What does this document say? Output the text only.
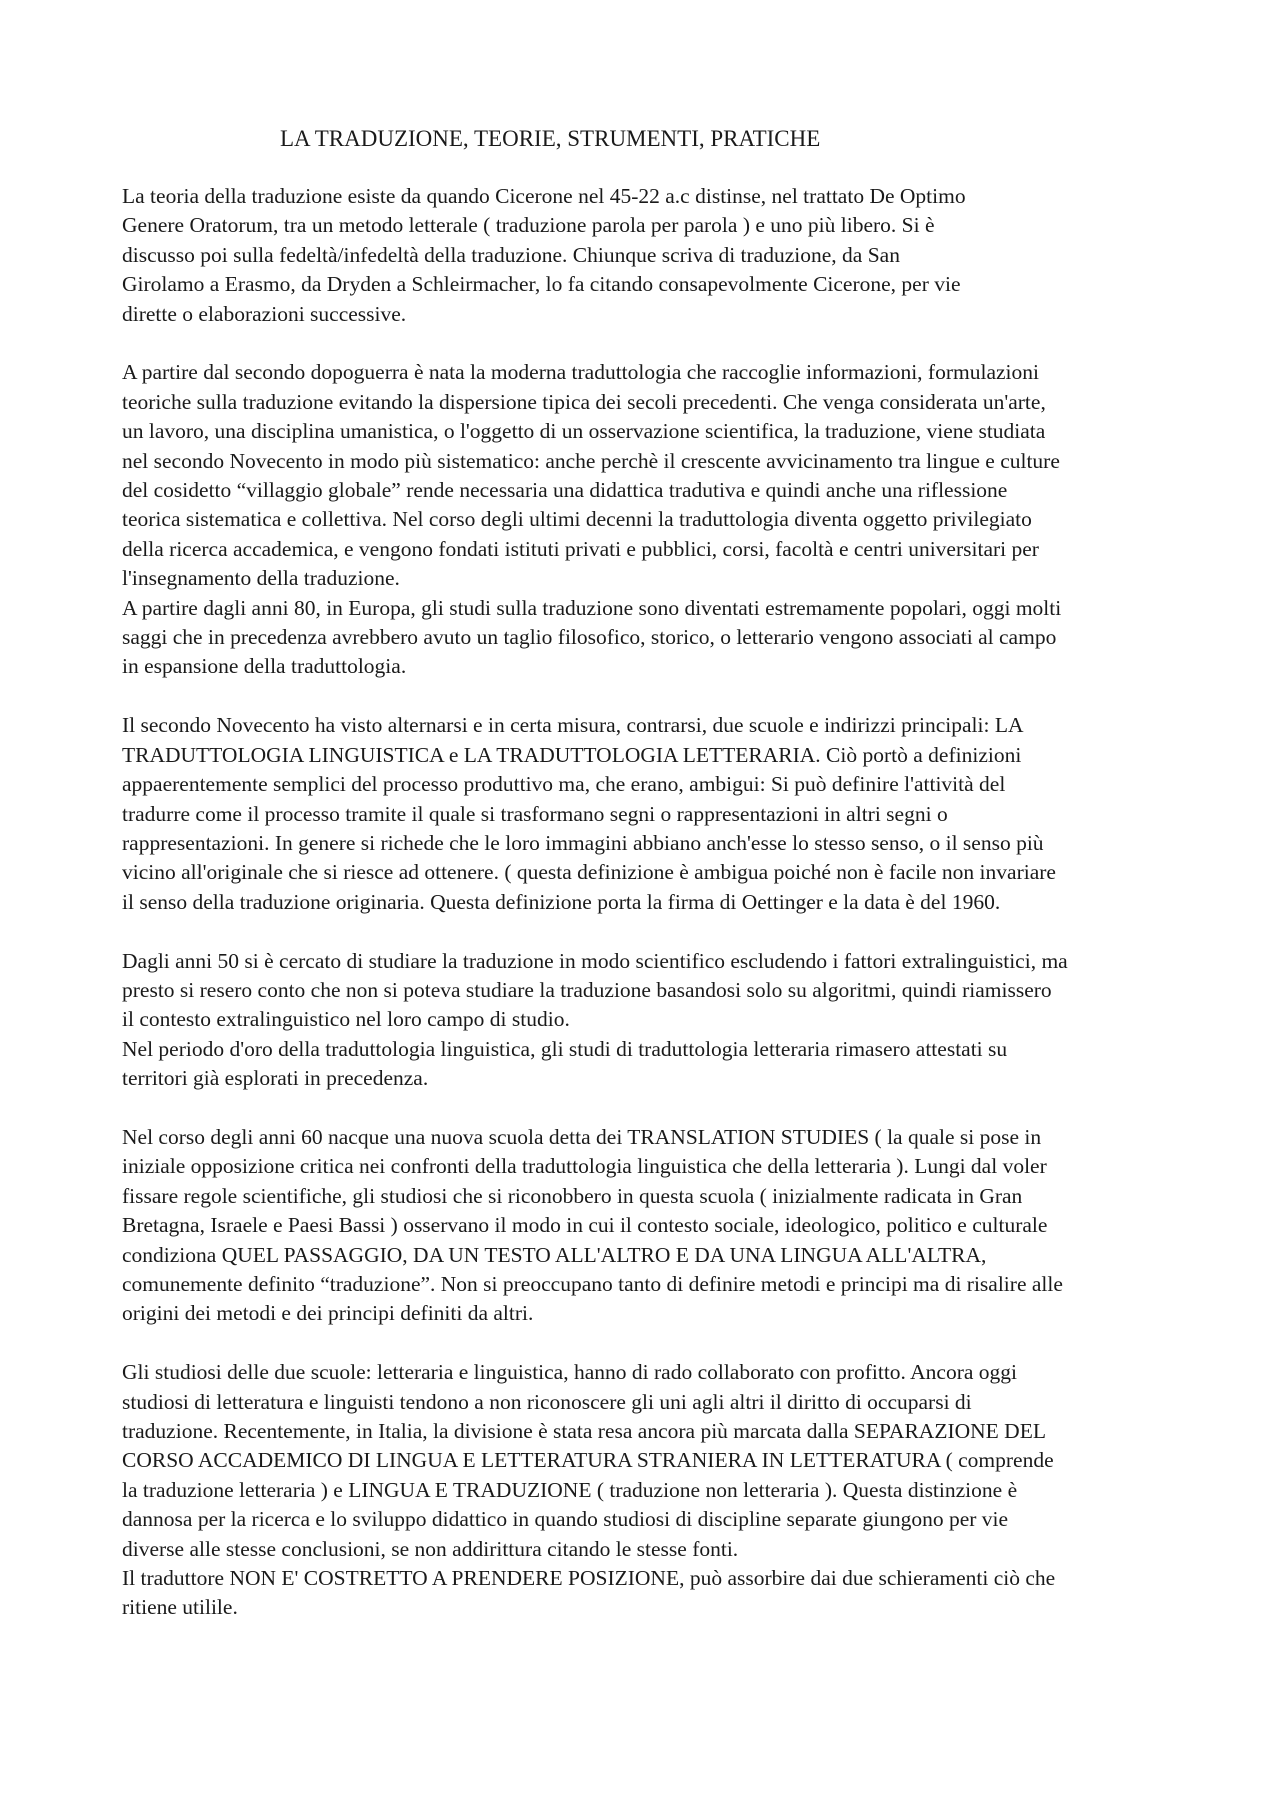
LA TRADUZIONE, TEORIE, STRUMENTI, PRATICHE

La teoria della traduzione esiste da quando Cicerone nel 45-22 a.c distinse, nel trattato De Optimo
Genere Oratorum, tra un metodo letterale ( traduzione parola per parola ) e uno più libero. Si è
discusso poi sulla fedeltà/infedeltà della traduzione. Chiunque scriva di traduzione, da San
Girolamo a Erasmo, da Dryden a Schleirmacher, lo fa citando consapevolmente Cicerone, per vie
dirette o elaborazioni successive.

A partire dal secondo dopoguerra è nata la moderna traduttologia che raccoglie informazioni, formulazioni
teoriche sulla traduzione evitando la dispersione tipica dei secoli precedenti. Che venga considerata un'arte,
un lavoro, una disciplina umanistica, o l'oggetto di un osservazione scientifica, la traduzione, viene studiata
nel secondo Novecento in modo più sistematico: anche perchè il crescente avvicinamento tra lingue e culture
del cosidetto “villaggio globale” rende necessaria una didattica tradutiva e quindi anche una riflessione
teorica sistematica e collettiva. Nel corso degli ultimi decenni la traduttologia diventa oggetto privilegiato
della ricerca accademica, e vengono fondati istituti privati e pubblici, corsi, facoltà e centri universitari per
l'insegnamento della traduzione.
A partire dagli anni 80, in Europa, gli studi sulla traduzione sono diventati estremamente popolari, oggi molti
saggi che in precedenza avrebbero avuto un taglio filosofico, storico, o letterario vengono associati al campo
in espansione della traduttologia.

Il secondo Novecento ha visto alternarsi e in certa misura, contrarsi, due scuole e indirizzi principali: LA
TRADUTTOLOGIA LINGUISTICA e LA TRADUTTOLOGIA LETTERARIA. Ciò portò a definizioni
appaerentemente semplici del processo produttivo ma, che erano, ambigui: Si può definire l'attività del
tradurre come il processo tramite il quale si trasformano segni o rappresentazioni in altri segni o
rappresentazioni. In genere si richede che le loro immagini abbiano anch'esse lo stesso senso, o il senso più
vicino all'originale che si riesce ad ottenere. ( questa definizione è ambigua poiché non è facile non invariare
il senso della traduzione originaria. Questa definizione porta la firma di Oettinger e la data è del 1960.

Dagli anni 50 si è cercato di studiare la traduzione in modo scientifico escludendo i fattori extralinguistici, ma
presto si resero conto che non si poteva studiare la traduzione basandosi solo su algoritmi, quindi riamissero
il contesto extralinguistico nel loro campo di studio.
Nel periodo d'oro della traduttologia linguistica, gli studi di traduttologia letteraria rimasero attestati su
territori già esplorati in precedenza.

Nel corso degli anni 60 nacque una nuova scuola detta dei TRANSLATION STUDIES ( la quale si pose in
iniziale opposizione critica nei confronti della traduttologia linguistica che della letteraria ). Lungi dal voler
fissare regole scientifiche, gli studiosi che si riconobbero in questa scuola ( inizialmente radicata in Gran
Bretagna, Israele e Paesi Bassi ) osservano il modo in cui il contesto sociale, ideologico, politico e culturale
condiziona QUEL PASSAGGIO, DA UN TESTO ALL'ALTRO E DA UNA LINGUA ALL'ALTRA,
comunemente definito “traduzione”. Non si preoccupano tanto di definire metodi e principi ma di risalire alle
origini dei metodi e dei principi definiti da altri.

Gli studiosi delle due scuole: letteraria e linguistica, hanno di rado collaborato con profitto. Ancora oggi
studiosi di letteratura e linguisti tendono a non riconoscere gli uni agli altri il diritto di occuparsi di
traduzione. Recentemente, in Italia, la divisione è stata resa ancora più marcata dalla SEPARAZIONE DEL
CORSO ACCADEMICO DI LINGUA E LETTERATURA STRANIERA IN LETTERATURA ( comprende
la traduzione letteraria ) e LINGUA E TRADUZIONE ( traduzione non letteraria ). Questa distinzione è
dannosa per la ricerca e lo sviluppo didattico in quando studiosi di discipline separate giungono per vie
diverse alle stesse conclusioni, se non addirittura citando le stesse fonti.
Il traduttore NON E' COSTRETTO A PRENDERE POSIZIONE, può assorbire dai due schieramenti ciò che
ritiene utilile.
